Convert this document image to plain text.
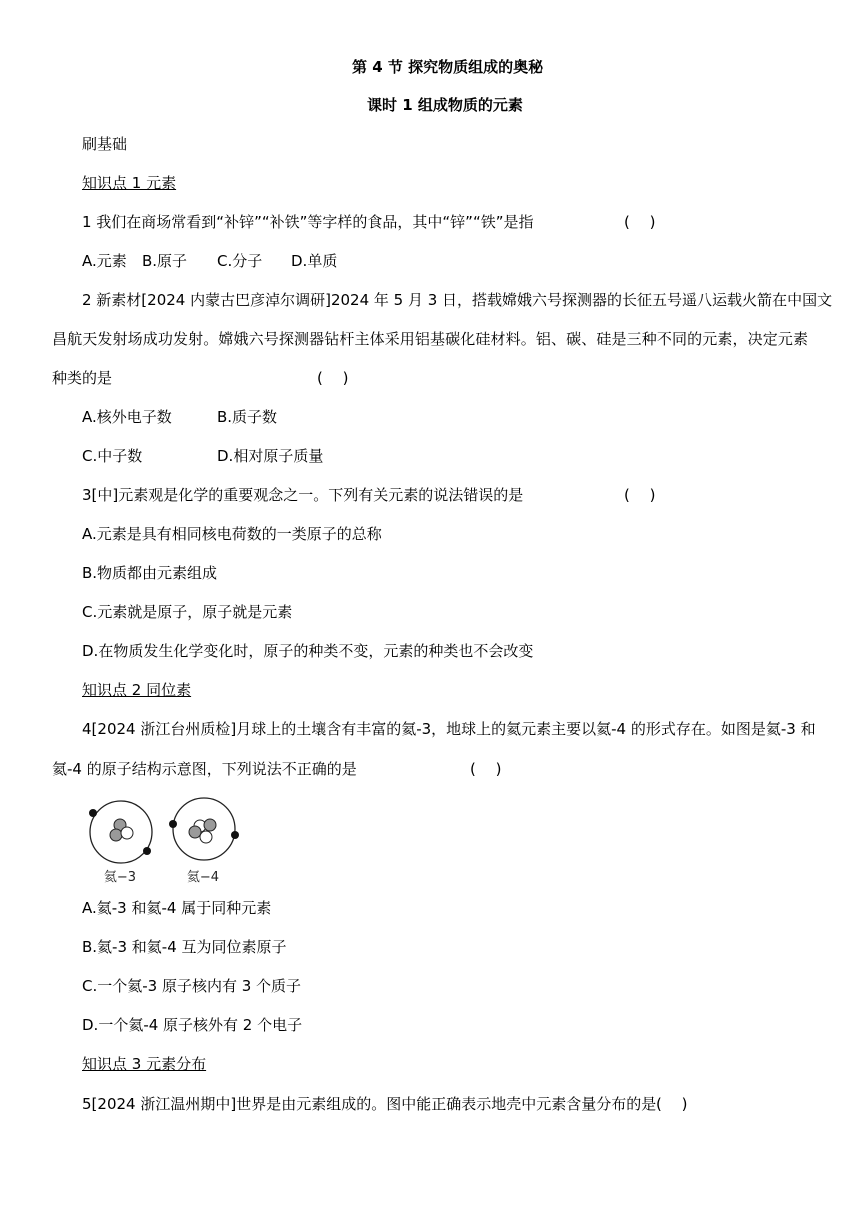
第 4 节 探究物质组成的奥秘
课时 1 组成物质的元素
刷基础
知识点 1 元素
1 我们在商场常看到“补锌”“补铁”等字样的食品，其中“锌”“铁”是指	(　 )
A.元素 B.原子 C.分子 D.单质
2 新素材[2024 内蒙古巴彦淖尔调研]2024 年 5 月 3 日，搭载嫦娥六号探测器的长征五号遥八运载火箭在中国文
昌航天发射场成功发射。嫦娥六号探测器钻杆主体采用铝基碳化硅材料。铝、碳、硅是三种不同的元素，决定元素
种类的是	(　 )
A.核外电子数	B.质子数
C.中子数	D.相对原子质量
3[中]元素观是化学的重要观念之一。下列有关元素的说法错误的是	(　 )
A.元素是具有相同核电荷数的一类原子的总称
B.物质都由元素组成
C.元素就是原子，原子就是元素
D.在物质发生化学变化时，原子的种类不变，元素的种类也不会改变
知识点 2 同位素
4[2024 浙江台州质检]月球上的土壤含有丰富的氦-3，地球上的氦元素主要以氦-4 的形式存在。如图是氦-3 和
氦-4 的原子结构示意图，下列说法不正确的是	(　 )
氦−3	氦−4
A.氦-3 和氦-4 属于同种元素
B.氦-3 和氦-4 互为同位素原子
C.一个氦-3 原子核内有 3 个质子
D.一个氦-4 原子核外有 2 个电子
知识点 3 元素分布
5[2024 浙江温州期中]世界是由元素组成的。图中能正确表示地壳中元素含量分布的是 (　 )
